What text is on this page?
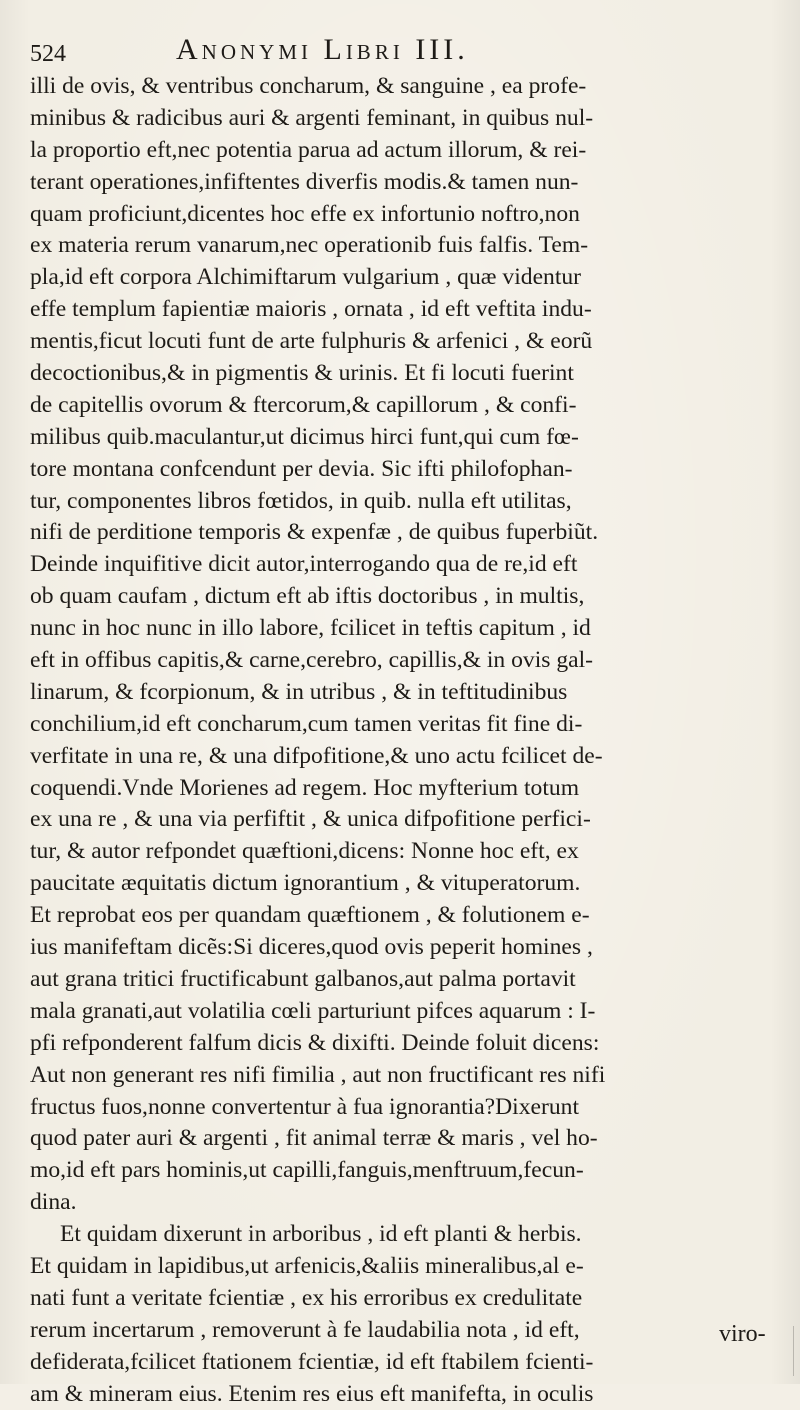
524	Anonymi Libri III.
illi de ovis, & ventribus concharum, & sanguine , ea profe-
minibus & radicibus auri & argenti feminant, in quibus nul-
la proportio eft,nec potentia parua ad actum illorum, & rei-
terant operationes,infiftentes diverfis modis.& tamen nun-
quam proficiunt,dicentes hoc effe ex infortunio noftro,non
ex materia rerum vanarum,nec operationib fuis falfis. Tem-
pla,id eft corpora Alchimiftarum vulgarium , quæ videntur
effe templum fapientiæ maioris , ornata , id eft veftita indu-
mentis,ficut locuti funt de arte fulphuris & arfenici , & eorũ
decoctionibus,& in pigmentis & urinis. Et fi locuti fuerint
de capitellis ovorum & ftercorum,& capillorum , & confi-
milibus quib.maculantur,ut dicimus hirci funt,qui cum fœ-
tore montana confcendunt per devia. Sic ifti philofophan-
tur, componentes libros fœtidos, in quib. nulla eft utilitas,
nifi de perditione temporis & expenfæ , de quibus fuperbiũt.
Deinde inquifitive dicit autor,interrogando qua de re,id eft
ob quam caufam , dictum eft ab iftis doctoribus , in multis,
nunc in hoc nunc in illo labore, fcilicet in teftis capitum , id
eft in offibus capitis,& carne,cerebro, capillis,& in ovis gal-
linarum, & fcorpionum, & in utribus , & in teftitudinibus
conchilium,id eft concharum,cum tamen veritas fit fine di-
verfitate in una re, & una difpofitione,& uno actu fcilicet de-
coquendi.Vnde Morienes ad regem. Hoc myfterium totum
ex una re , & una via perfiftit , & unica difpofitione perfici-
tur, & autor refpondet quæftioni,dicens: Nonne hoc eft, ex
paucitate æquitatis dictum ignorantium , & vituperatorum.
Et reprobat eos per quandam quæftionem , & folutionem e-
ius manifeftam dicẽs:Si diceres,quod ovis peperit homines ,
aut grana tritici fructificabunt galbanos,aut palma portavit
mala granati,aut volatilia cœli parturiunt pifces aquarum : I-
pfi refponderent falfum dicis & dixifti. Deinde foluit dicens:
Aut non generant res nifi fimilia , aut non fructificant res nifi
fructus fuos,nonne convertentur à fua ignorantia?Dixerunt
quod pater auri & argenti , fit animal terræ & maris , vel ho-
mo,id eft pars hominis,ut capilli,fanguis,menftruum,fecun-
dina.
Et quidam dixerunt in arboribus , id eft planti & herbis.
Et quidam in lapidibus,ut arfenicis,&aliis mineralibus,al e-
nati funt a veritate fcientiæ , ex his erroribus ex credulitate
rerum incertarum , removerunt à fe laudabilia nota , id eft,
defiderata,fcilicet ftationem fcientiæ, id eft ftabilem fcienti-
am & mineram eius. Etenim res eius eft manifefta, in oculis
viro-
